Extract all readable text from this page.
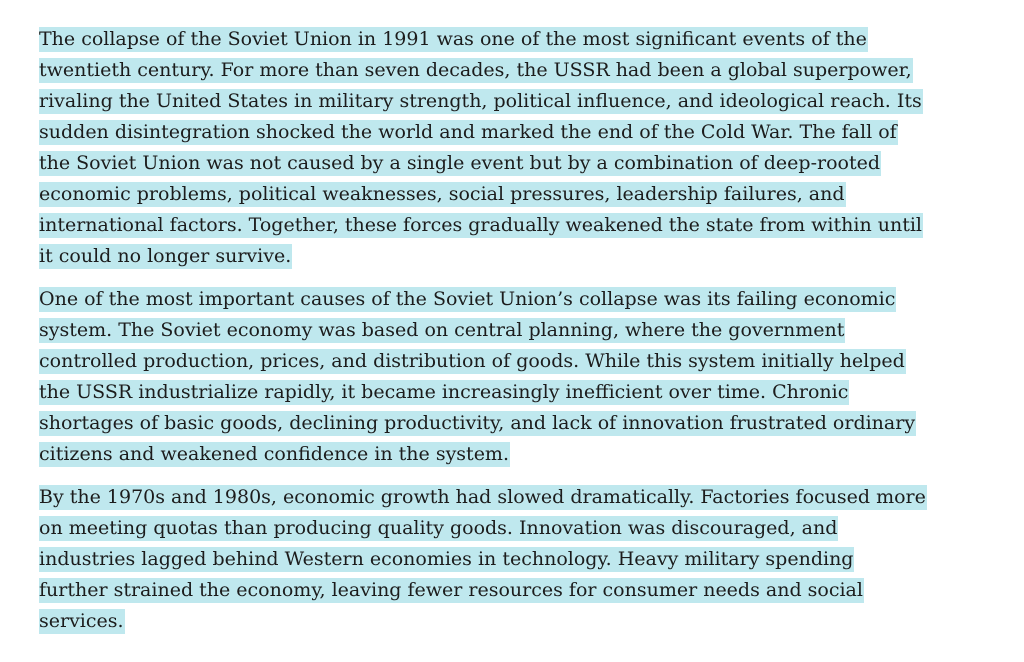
The collapse of the Soviet Union in 1991 was one of the most significant events of the
twentieth century. For more than seven decades, the USSR had been a global superpower,
rivaling the United States in military strength, political influence, and ideological reach. Its
sudden disintegration shocked the world and marked the end of the Cold War. The fall of
the Soviet Union was not caused by a single event but by a combination of deep-rooted
economic problems, political weaknesses, social pressures, leadership failures, and
international factors. Together, these forces gradually weakened the state from within until
it could no longer survive.
One of the most important causes of the Soviet Union’s collapse was its failing economic
system. The Soviet economy was based on central planning, where the government
controlled production, prices, and distribution of goods. While this system initially helped
the USSR industrialize rapidly, it became increasingly inefficient over time. Chronic
shortages of basic goods, declining productivity, and lack of innovation frustrated ordinary
citizens and weakened confidence in the system.
By the 1970s and 1980s, economic growth had slowed dramatically. Factories focused more
on meeting quotas than producing quality goods. Innovation was discouraged, and
industries lagged behind Western economies in technology. Heavy military spending
further strained the economy, leaving fewer resources for consumer needs and social
services.
